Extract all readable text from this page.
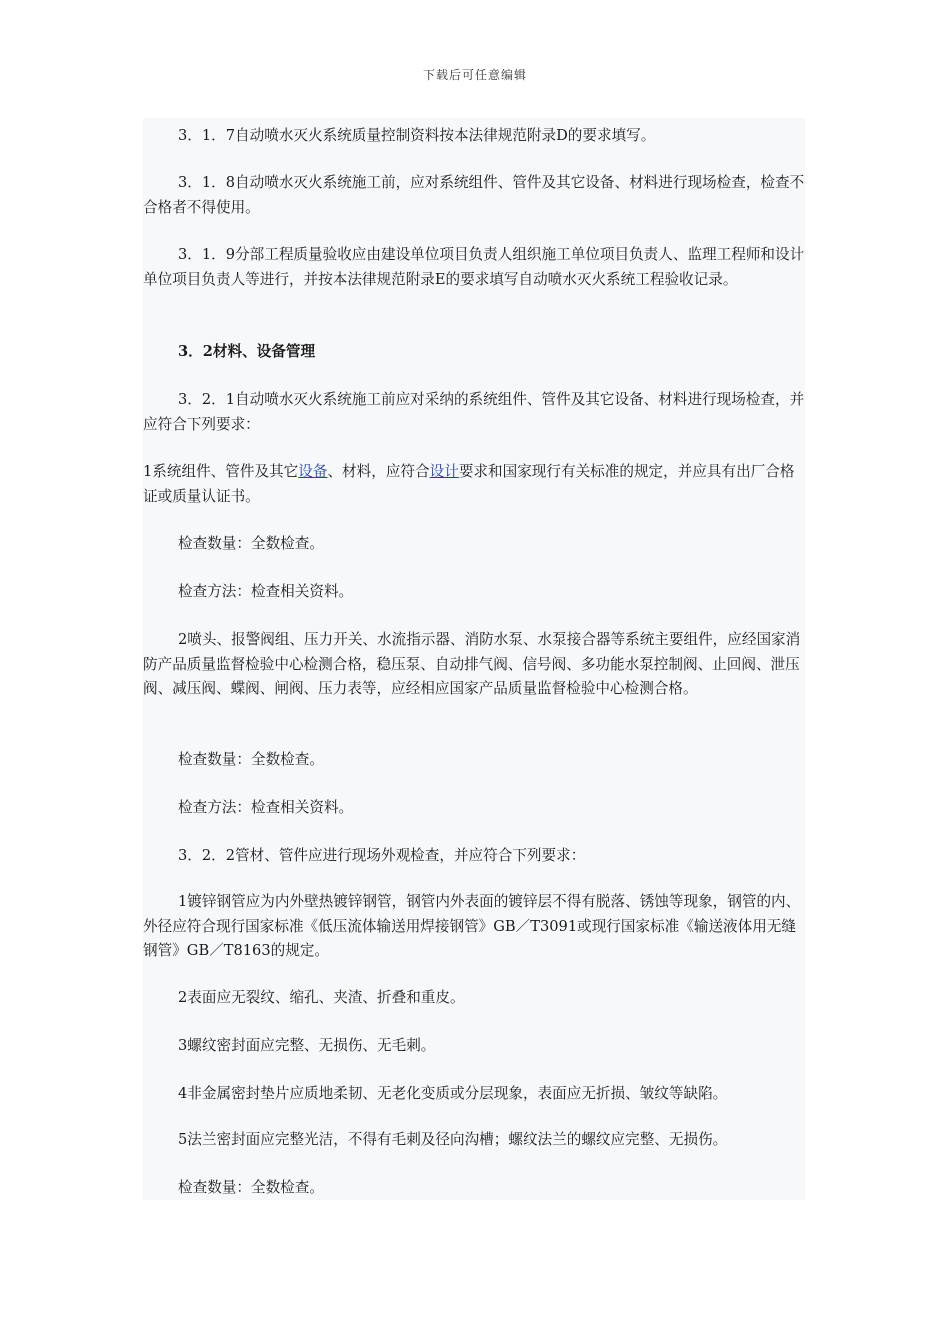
下载后可任意编辑

3．1．7自动喷水灭火系统质量控制资料按本法律规范附录D的要求填写。

3．1．8自动喷水灭火系统施工前，应对系统组件、管件及其它设备、材料进行现场检查，检查不合格者不得使用。

3．1．9分部工程质量验收应由建设单位项目负责人组织施工单位项目负责人、监理工程师和设计单位项目负责人等进行，并按本法律规范附录E的要求填写自动喷水灭火系统工程验收记录。

3．2材料、设备管理

3．2．1自动喷水灭火系统施工前应对采纳的系统组件、管件及其它设备、材料进行现场检查，并应符合下列要求：

1系统组件、管件及其它设备、材料，应符合设计要求和国家现行有关标准的规定，并应具有出厂合格证或质量认证书。

检查数量：全数检查。

检查方法：检查相关资料。

2喷头、报警阀组、压力开关、水流指示器、消防水泵、水泵接合器等系统主要组件，应经国家消防产品质量监督检验中心检测合格，稳压泵、自动排气阀、信号阀、多功能水泵控制阀、止回阀、泄压阀、减压阀、蝶阀、闸阀、压力表等，应经相应国家产品质量监督检验中心检测合格。

检查数量：全数检查。

检查方法：检查相关资料。

3．2．2管材、管件应进行现场外观检查，并应符合下列要求：

1镀锌钢管应为内外壁热镀锌钢管，钢管内外表面的镀锌层不得有脱落、锈蚀等现象，钢管的内、外径应符合现行国家标准《低压流体输送用焊接钢管》GB／T3091或现行国家标准《输送液体用无缝钢管》GB／T8163的规定。

2表面应无裂纹、缩孔、夹渣、折叠和重皮。

3螺纹密封面应完整、无损伤、无毛刺。

4非金属密封垫片应质地柔韧、无老化变质或分层现象，表面应无折损、皱纹等缺陷。

5法兰密封面应完整光洁，不得有毛刺及径向沟槽；螺纹法兰的螺纹应完整、无损伤。

检查数量：全数检查。
